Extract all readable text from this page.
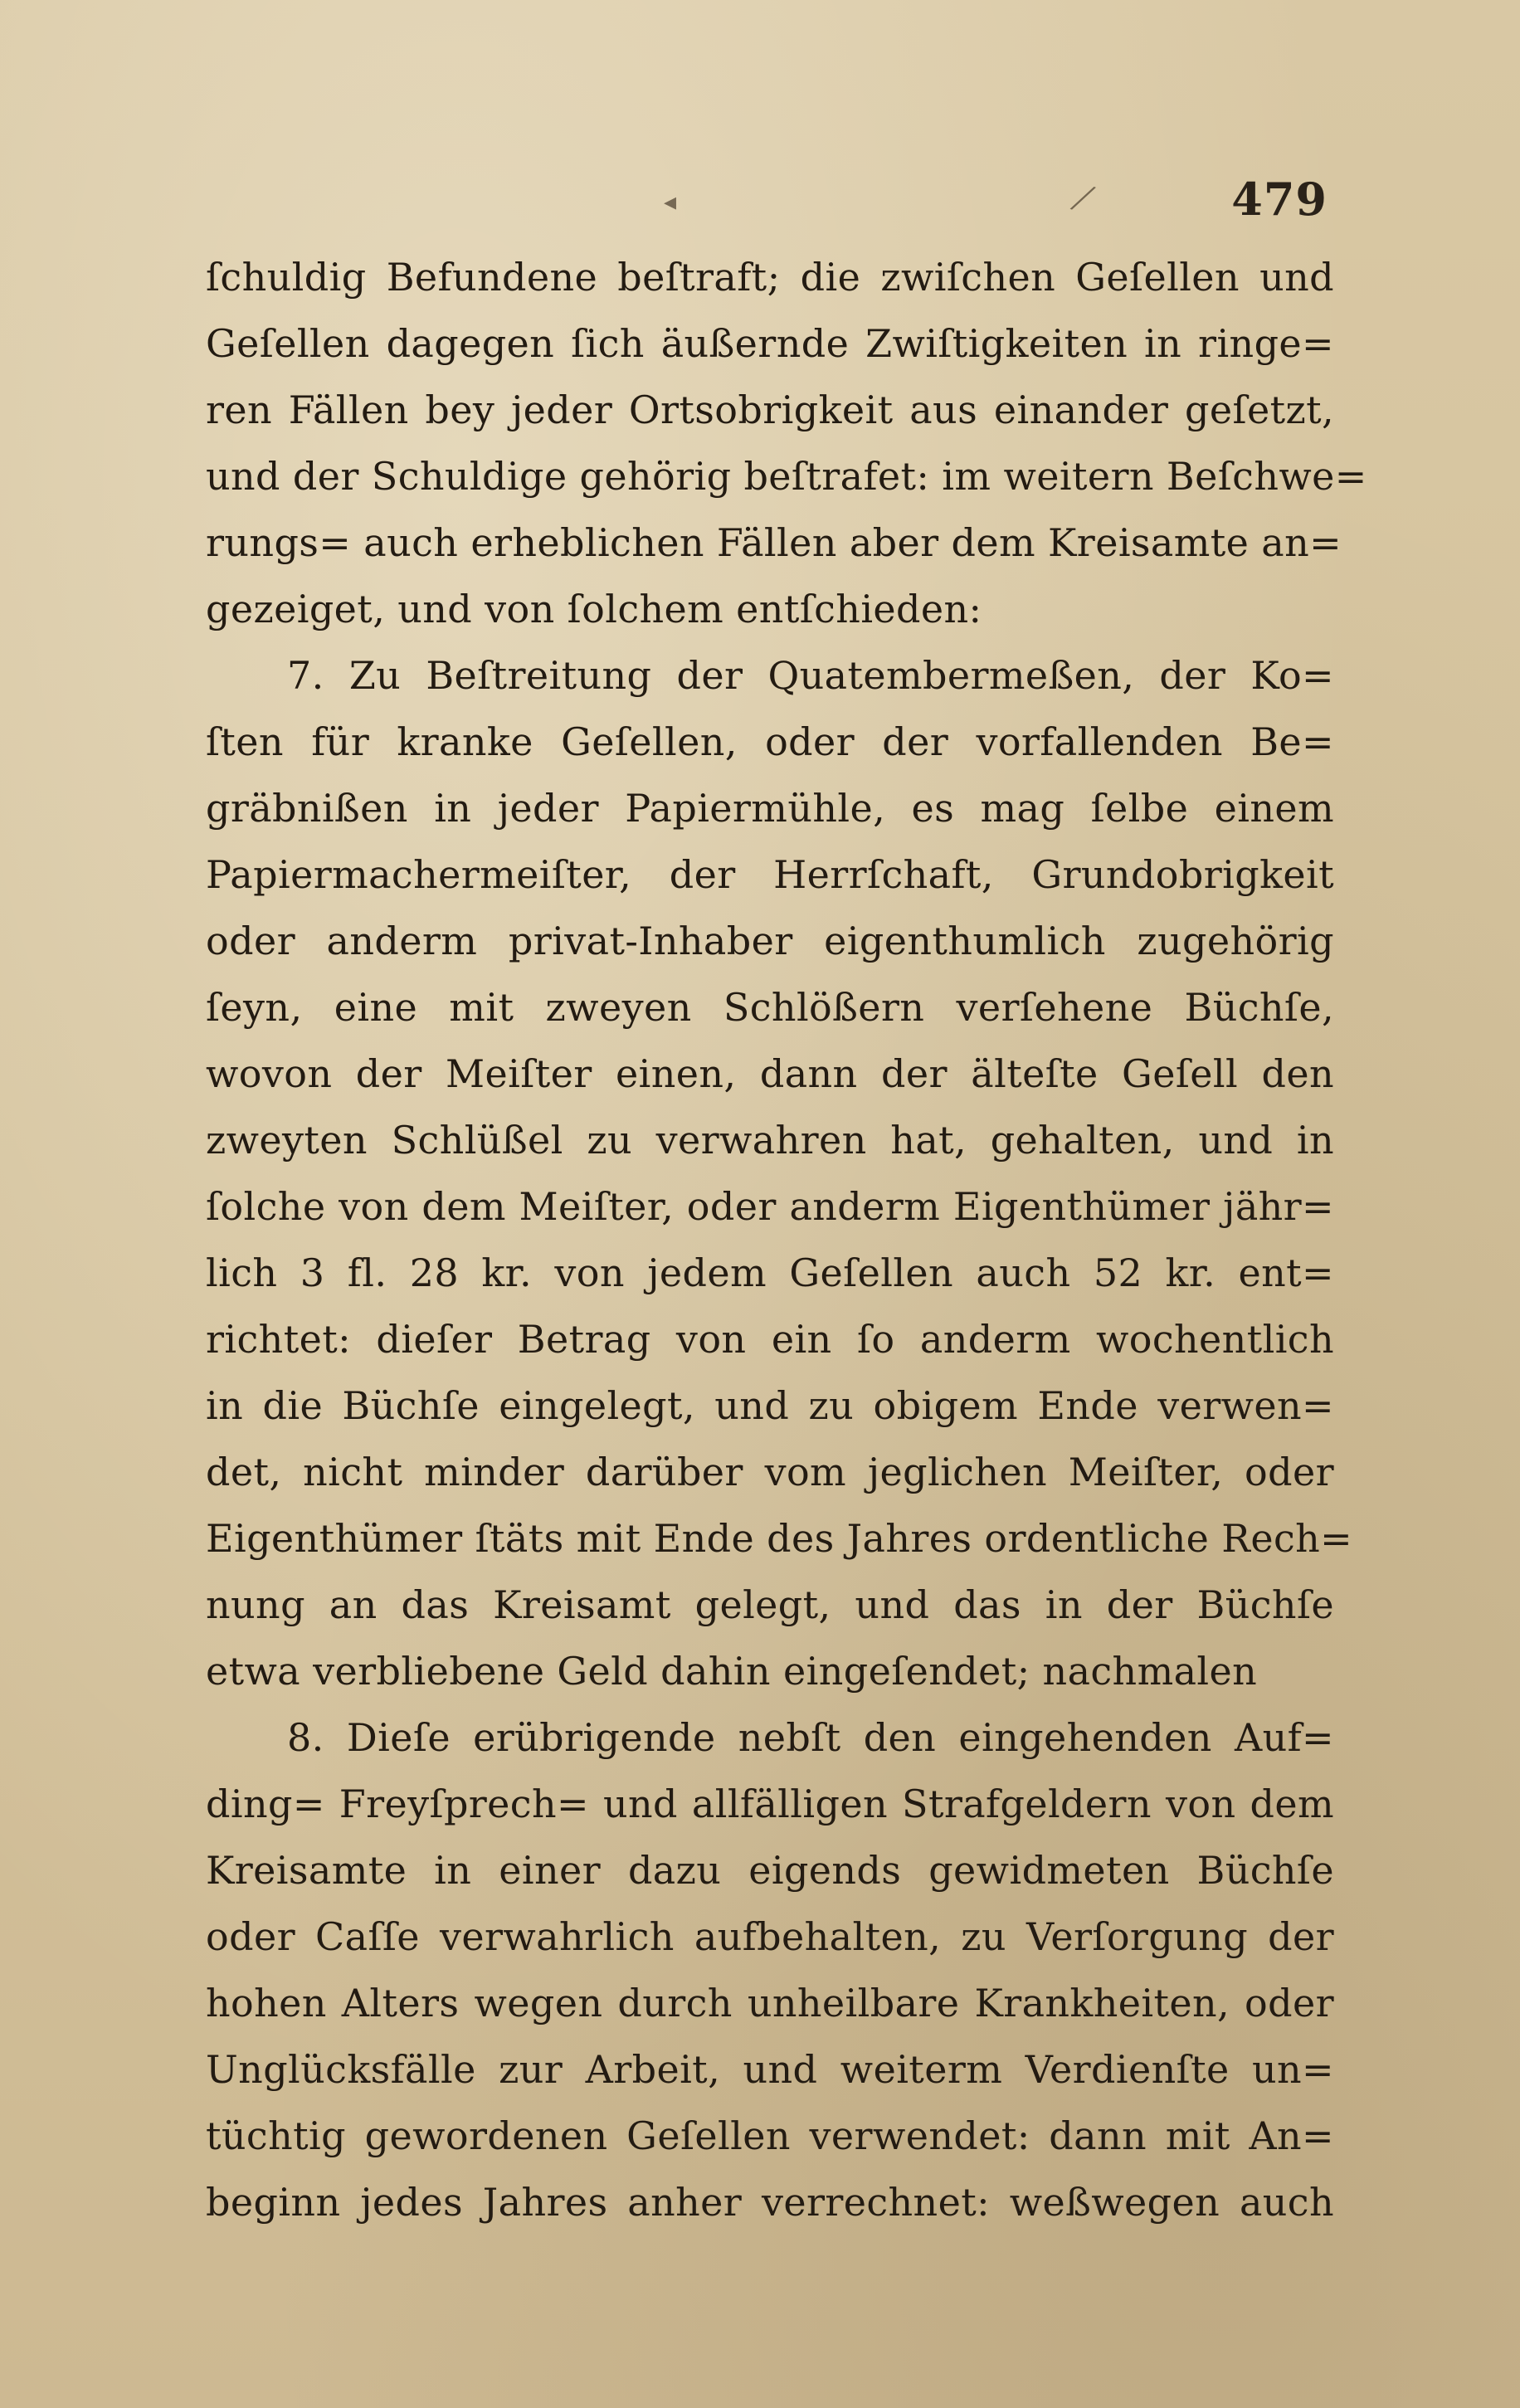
◂	╱	479
ſchuldig Befundene beſtraft; die zwiſchen Geſellen und
Geſellen dagegen ſich äußernde Zwiſtigkeiten in ringe=
ren Fällen bey jeder Ortsobrigkeit aus einander geſetzt,
und der Schuldige gehörig beſtrafet: im weitern Beſchwe=
rungs= auch erheblichen Fällen aber dem Kreisamte an=
gezeiget, und von ſolchem entſchieden:
7. Zu Beſtreitung der Quatembermeßen, der Ko=
ſten für kranke Geſellen, oder der vorfallenden Be=
gräbnißen in jeder Papiermühle, es mag ſelbe einem
Papiermachermeiſter, der Herrſchaft, Grundobrigkeit
oder anderm privat-Inhaber eigenthumlich zugehörig
ſeyn, eine mit zweyen Schlößern verſehene Büchſe,
wovon der Meiſter einen, dann der älteſte Geſell den
zweyten Schlüßel zu verwahren hat, gehalten, und in
ſolche von dem Meiſter, oder anderm Eigenthümer jähr=
lich 3 fl. 28 kr. von jedem Geſellen auch 52 kr. ent=
richtet: dieſer Betrag von ein ſo anderm wochentlich
in die Büchſe eingelegt, und zu obigem Ende verwen=
det, nicht minder darüber vom jeglichen Meiſter, oder
Eigenthümer ſtäts mit Ende des Jahres ordentliche Rech=
nung an das Kreisamt gelegt, und das in der Büchſe
etwa verbliebene Geld dahin eingeſendet; nachmalen
8. Dieſe erübrigende nebſt den eingehenden Auf=
ding= Freyſprech= und allfälligen Strafgeldern von dem
Kreisamte in einer dazu eigends gewidmeten Büchſe
oder Caſſe verwahrlich aufbehalten, zu Verſorgung der
hohen Alters wegen durch unheilbare Krankheiten, oder
Unglücksfälle zur Arbeit, und weiterm Verdienſte un=
tüchtig gewordenen Geſellen verwendet: dann mit An=
beginn jedes Jahres anher verrechnet: weßwegen auch
